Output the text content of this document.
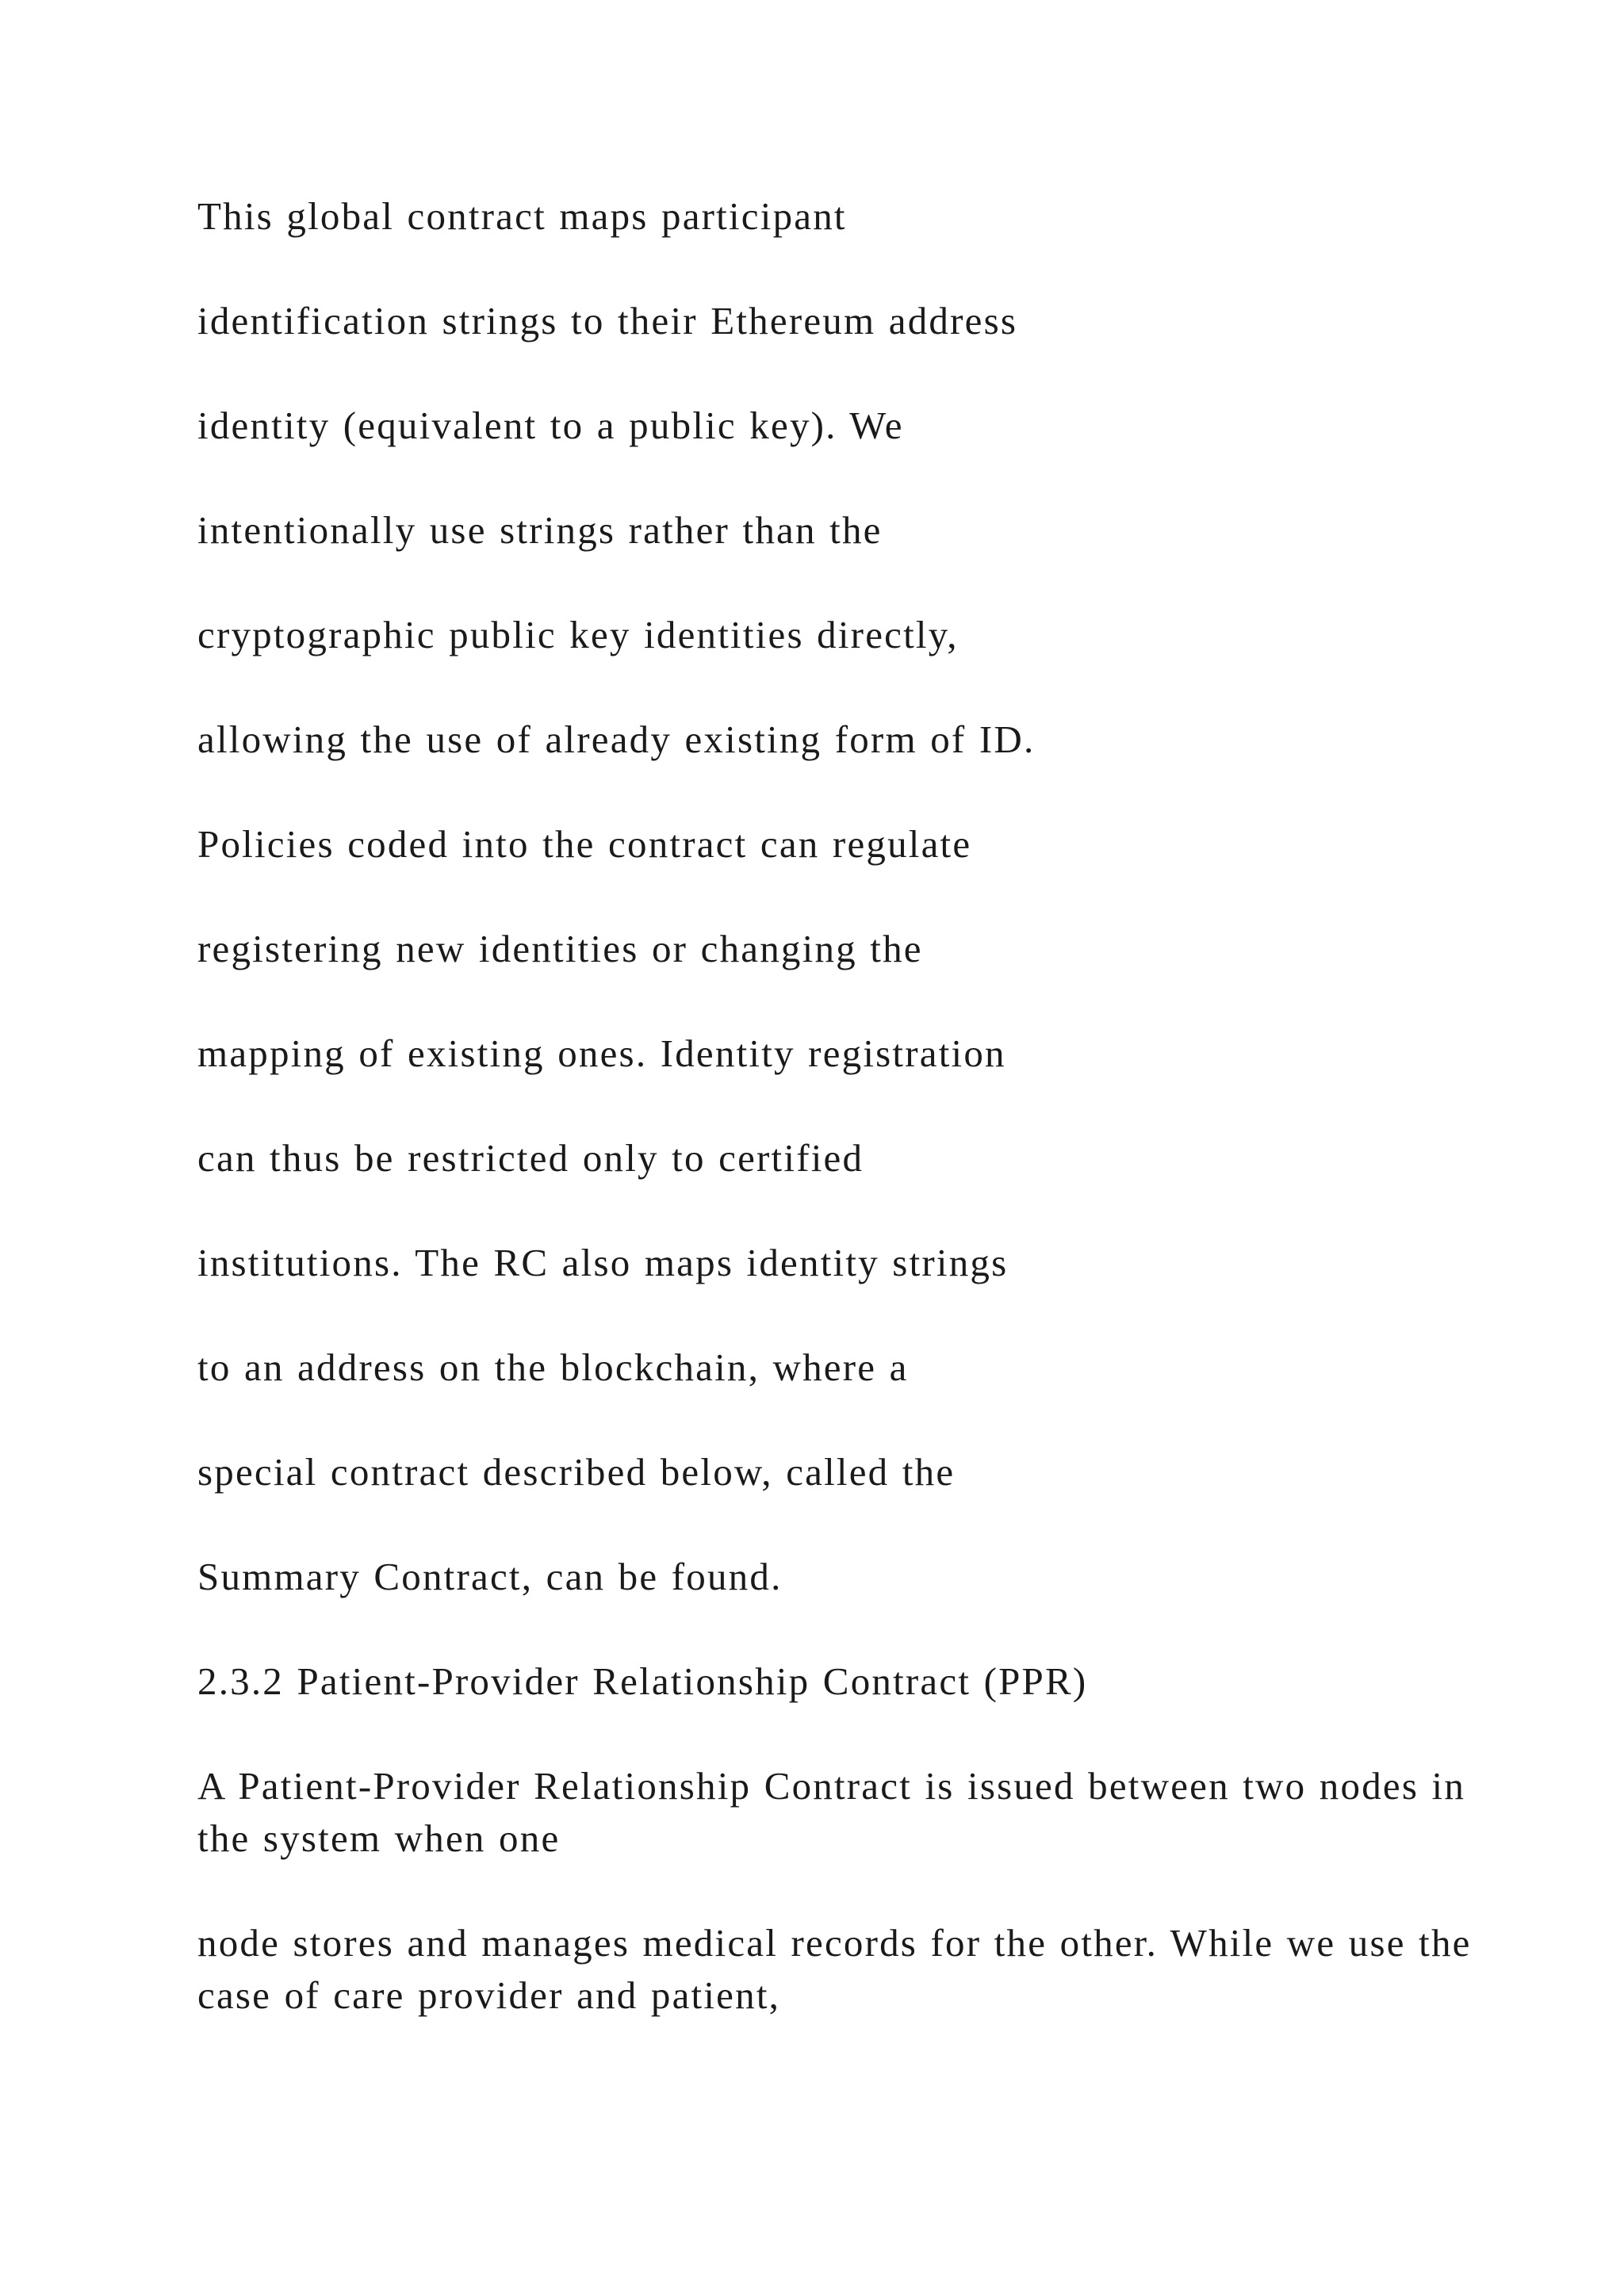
This global contract maps participant
identification strings to their Ethereum address
identity (equivalent to a public key). We
intentionally use strings rather than the
cryptographic public key identities directly,
allowing the use of already existing form of ID.
Policies coded into the contract can regulate
registering new identities or changing the
mapping of existing ones. Identity registration
can thus be restricted only to certified
institutions. The RC also maps identity strings
to an address on the blockchain, where a
special contract described below, called the
Summary Contract, can be found.
2.3.2 Patient-Provider Relationship Contract (PPR)
A Patient-Provider Relationship Contract is issued between two nodes in the system when one
node stores and manages medical records for the other. While we use the case of care provider and patient,
